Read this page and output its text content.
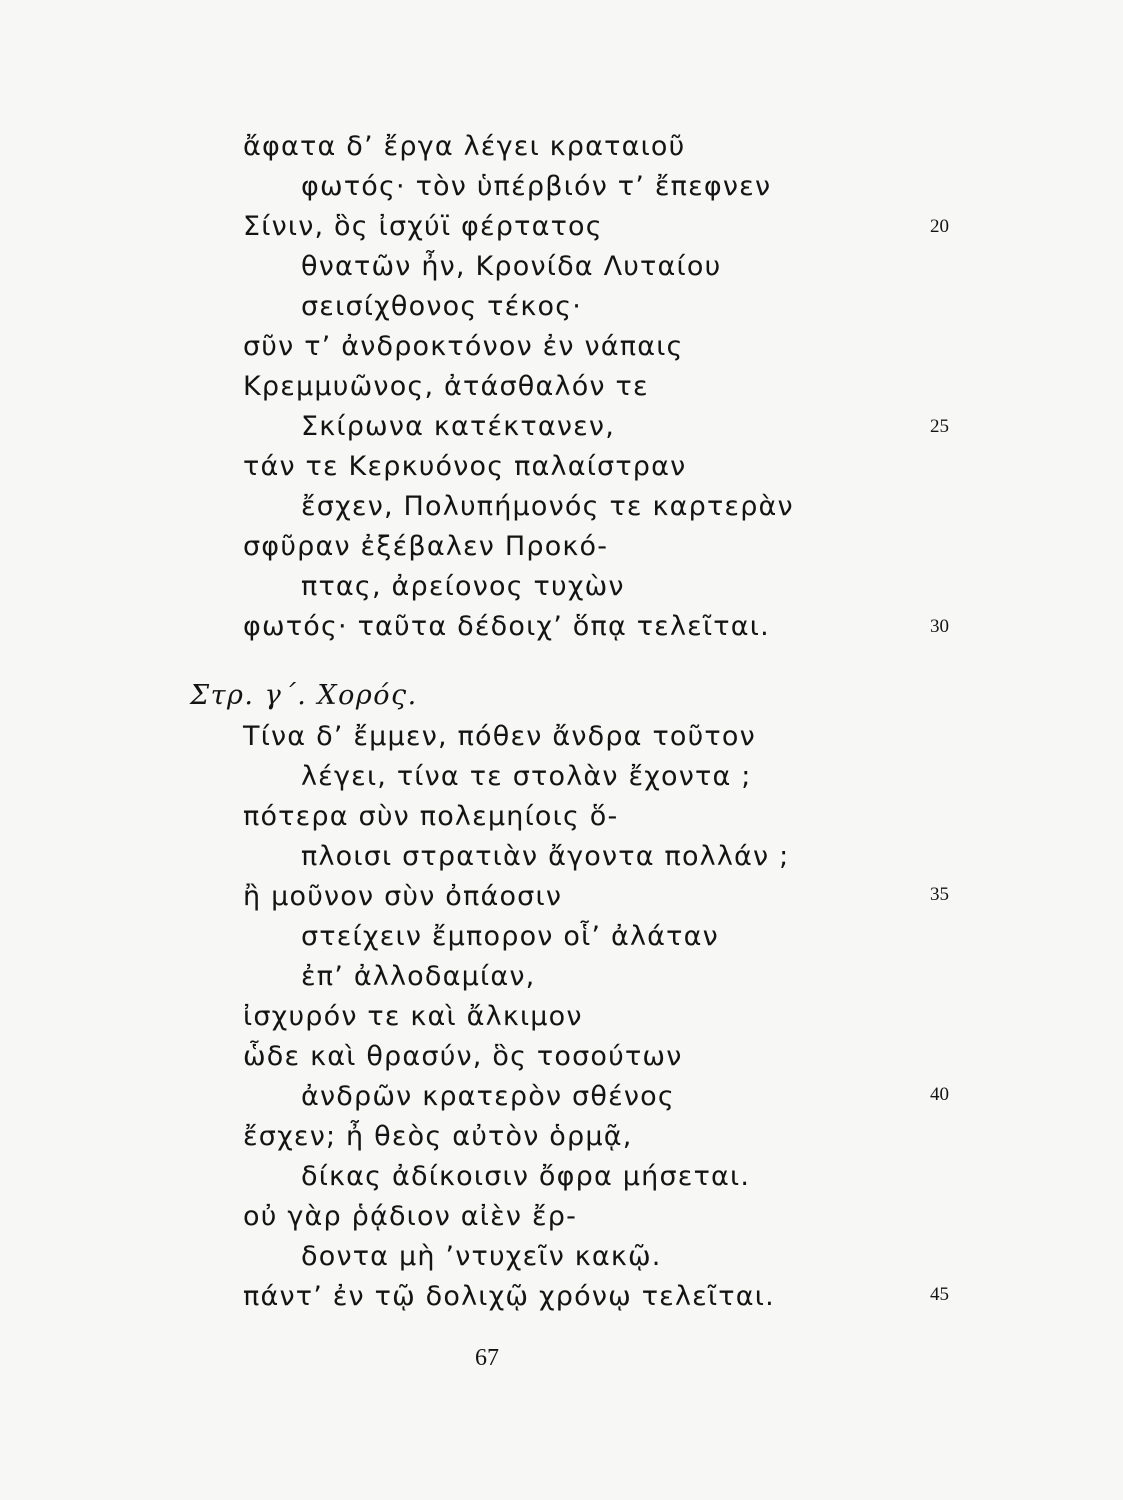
ἄφατα δ’ ἔργα λέγει κραταιοῦ
φωτός· τὸν ὑπέρβιόν τ’ ἔπεφνεν
Σίνιν, ὃς ἰσχύϊ φέρτατος	20
θνατῶν ἦν, Κρονίδα Λυταίου
σεισίχθονος τέκος·
σῦν τ’ ἀνδροκτόνον ἐν νάπαις
Κρεμμυῶνος, ἀτάσθαλόν τε
Σκίρωνα κατέκτανεν,	25
τάν τε Κερκυόνος παλαίστραν
ἔσχεν, Πολυπήμονός τε καρτερὰν
σφῦραν ἐξέβαλεν Προκό-
πτας, ἀρείονος τυχὼν
φωτός· ταῦτα δέδοιχ’ ὅπᾳ τελεῖται.	30
Στρ. γ΄. Χορός.
Τίνα δ’ ἔμμεν, πόθεν ἄνδρα τοῦτον
λέγει, τίνα τε στολὰν ἔχοντα ;
πότερα σὺν πολεμηίοις ὅ-
πλοισι στρατιὰν ἄγοντα πολλάν ;
ἢ μοῦνον σὺν ὀπάοσιν	35
στείχειν ἔμπορον οἷ’ ἀλάταν
ἐπ’ ἀλλοδαμίαν,
ἰσχυρόν τε καὶ ἄλκιμον
ὧδε καὶ θρασύν, ὃς τοσούτων
ἀνδρῶν κρατερὸν σθένος	40
ἔσχεν; ἦ θεὸς αὐτὸν ὁρμᾷ,
δίκας ἀδίκοισιν ὄφρα μήσεται.
οὐ γὰρ ῥᾴδιον αἰὲν ἔρ-
δοντα μὴ ’ντυχεῖν κακῷ.
πάντ’ ἐν τῷ δολιχῷ χρόνῳ τελεῖται.	45
67
